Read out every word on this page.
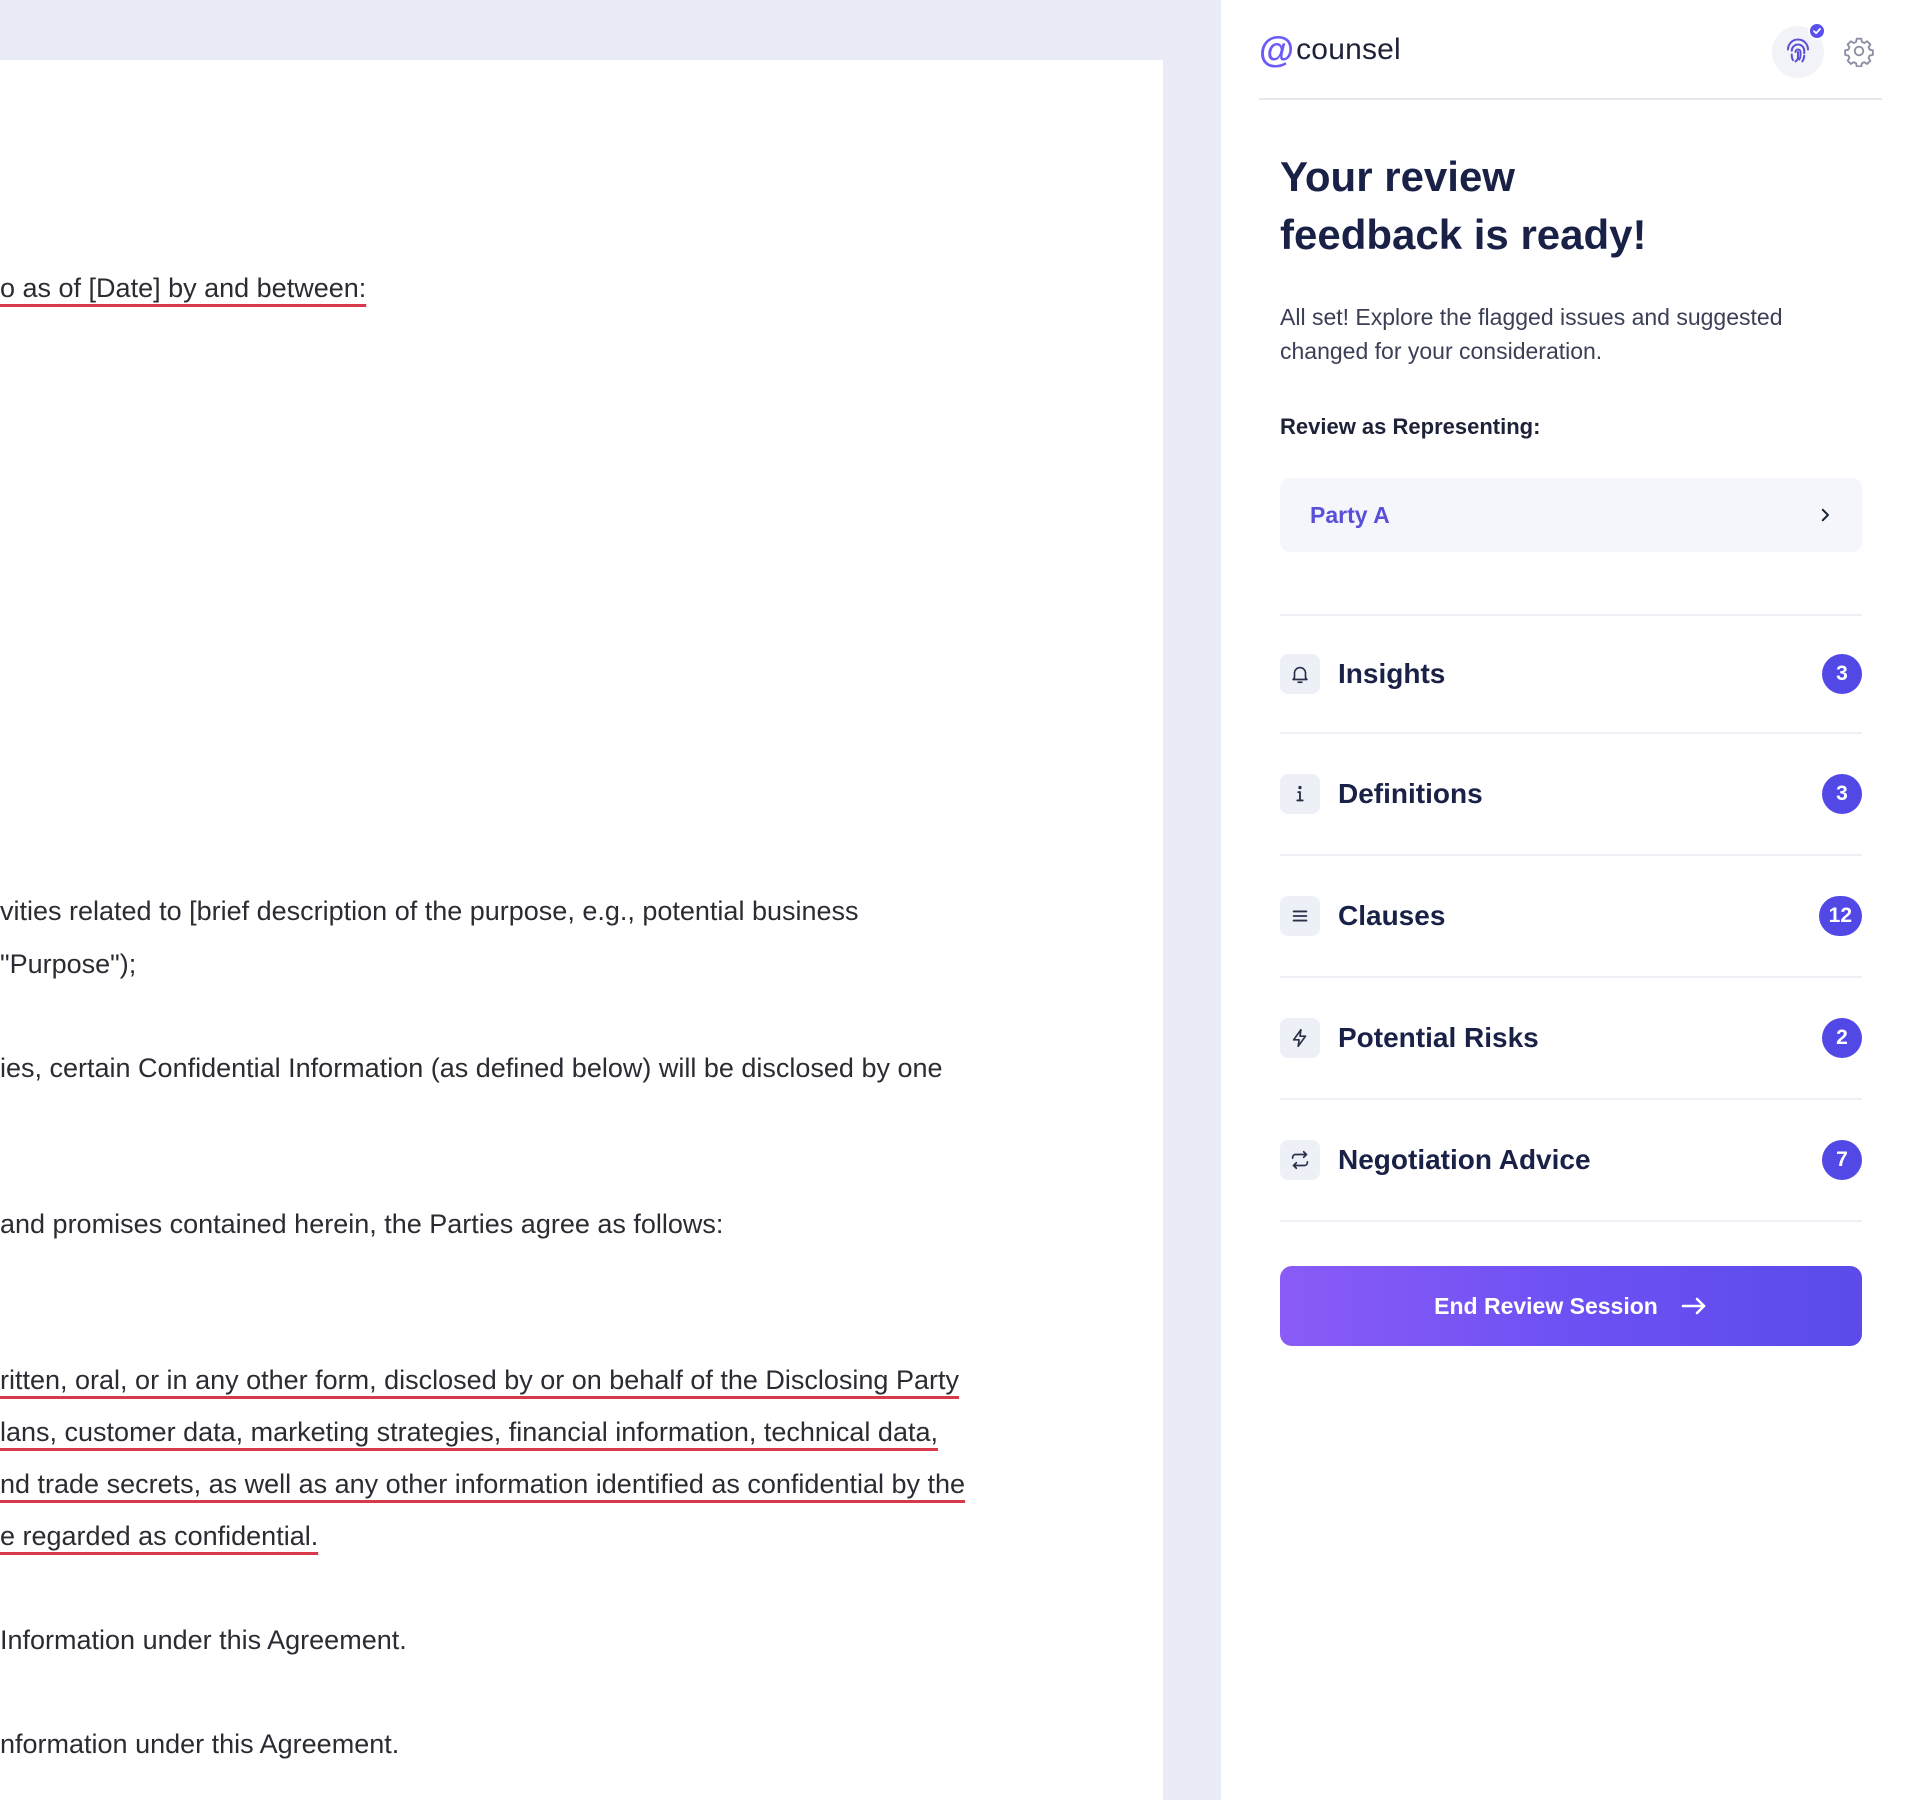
o as of [Date] by and between:
vities related to [brief description of the purpose, e.g., potential business
"Purpose");
ies, certain Confidential Information (as defined below) will be disclosed by one
and promises contained herein, the Parties agree as follows:
ritten, oral, or in any other form, disclosed by or on behalf of the Disclosing Party
lans, customer data, marketing strategies, financial information, technical data,
nd trade secrets, as well as any other information identified as confidential by the
e regarded as confidential.
Information under this Agreement.
nformation under this Agreement.
@ counsel
Your review
feedback is ready!
All set! Explore the flagged issues and suggested changed for your consideration.
Review as Representing:
Party A
Insights	3
Definitions	3
Clauses	12
Potential Risks	2
Negotiation Advice	7
End Review Session
